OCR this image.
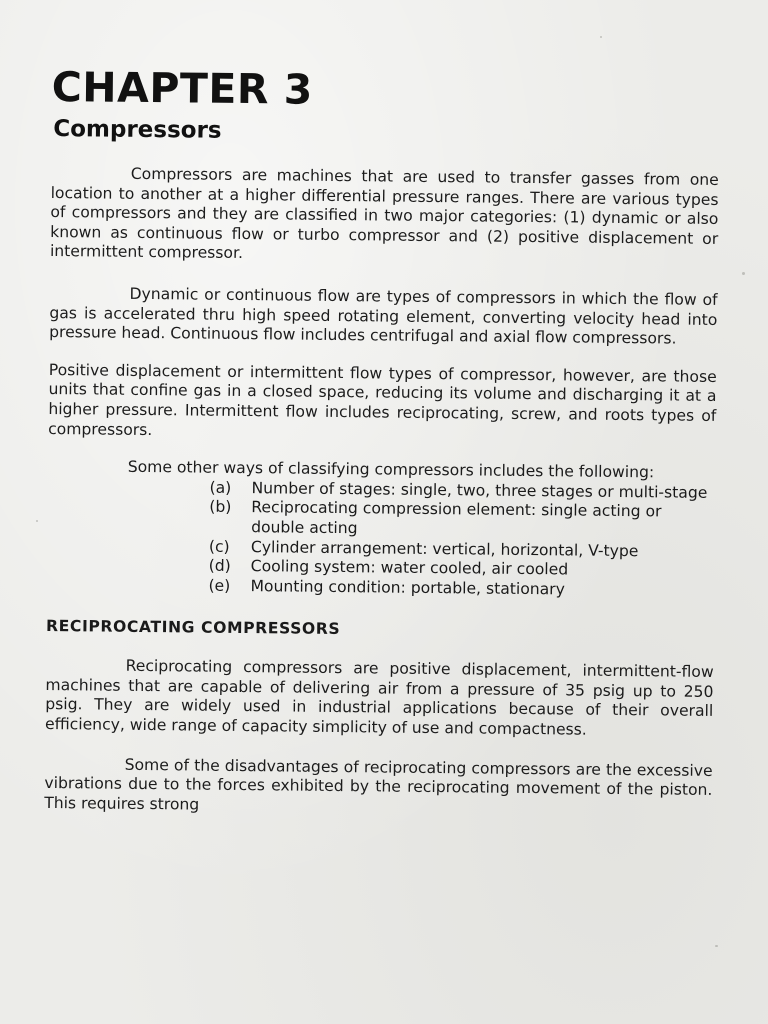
CHAPTER 3
Compressors

Compressors are machines that are used to transfer gasses from one location to another at a higher differential pressure ranges. There are various types of compressors and they are classified in two major categories: (1) dynamic or also known as continuous flow or turbo compressor and (2) positive displacement or intermittent compressor.

Dynamic or continuous flow are types of compressors in which the flow of gas is accelerated thru high speed rotating element, converting velocity head into pressure head. Continuous flow includes centrifugal and axial flow compressors.

Positive displacement or intermittent flow types of compressor, however, are those units that confine gas in a closed space, reducing its volume and discharging it at a higher pressure. Intermittent flow includes reciprocating, screw, and roots types of compressors.

Some other ways of classifying compressors includes the following:

(a)	Number of stages: single, two, three stages or multi-stage
(b)	Reciprocating compression element: single acting or double acting
(c)	Cylinder arrangement: vertical, horizontal, V-type
(d)	Cooling system: water cooled, air cooled
(e)	Mounting condition: portable, stationary
RECIPROCATING COMPRESSORS

Reciprocating compressors are positive displacement, intermittent-flow machines that are capable of delivering air from a pressure of 35 psig up to 250 psig. They are widely used in industrial applications because of their overall efficiency, wide range of capacity simplicity of use and compactness.

Some of the disadvantages of reciprocating compressors are the excessive vibrations due to the forces exhibited by the reciprocating movement of the piston. This requires strong
